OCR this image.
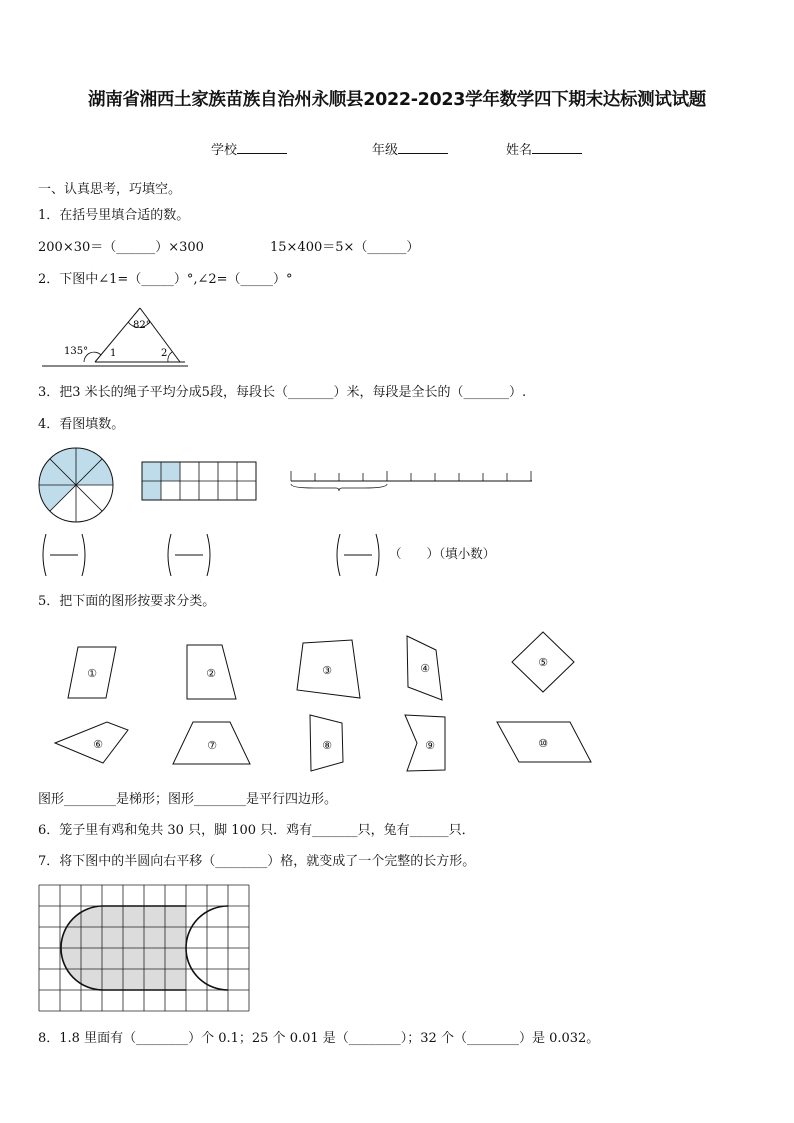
湖南省湘西土家族苗族自治州永顺县2022-2023学年数学四下期末达标测试试题
学校	年级	姓名
一、认真思考，巧填空。
1．在括号里填合适的数。
200×30＝（______）×300	15×400＝5×（______）
2．下图中∠1=（_____）°,∠2=（_____）°
82°
135° 1	2
3．把3 米长的绳子平均分成5段，每段长（_______）米，每段是全长的（_______）.
4．看图填数。
（　　）（填小数）
5．把下面的图形按要求分类。
①	②	③	④	⑤
⑥	⑦	⑧	⑨	⑩
图形________是梯形；图形________是平行四边形。
6．笼子里有鸡和兔共 30 只，脚 100 只．鸡有_______只，兔有______只．
7．将下图中的半圆向右平移（________）格，就变成了一个完整的长方形。
8．1.8 里面有（________）个 0.1；25 个 0.01 是（________）；32 个（________）是 0.032。
